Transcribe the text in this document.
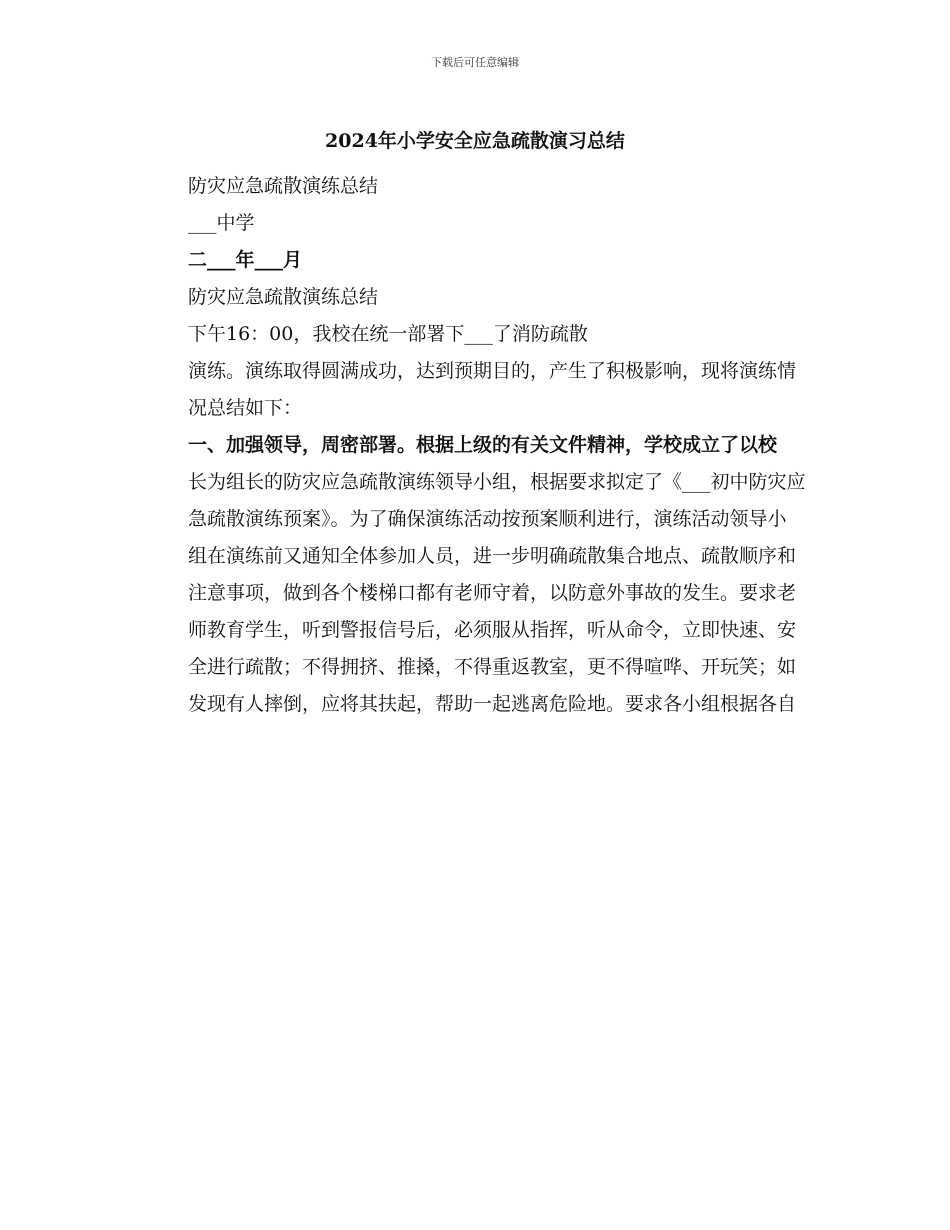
下载后可任意编辑
2024年小学安全应急疏散演习总结

防灾应急疏散演练总结

___中学

二___年___月

防灾应急疏散演练总结

下午16：00，我校在统一部署下___了消防疏散

演练。演练取得圆满成功，达到预期目的，产生了积极影响，现将演练情

况总结如下：

一、加强领导，周密部署。根据上级的有关文件精神，学校成立了以校

长为组长的防灾应急疏散演练领导小组，根据要求拟定了《___初中防灾应

急疏散演练预案》。为了确保演练活动按预案顺利进行，演练活动领导小

组在演练前又通知全体参加人员，进一步明确疏散集合地点、疏散顺序和

注意事项，做到各个楼梯口都有老师守着，以防意外事故的发生。要求老

师教育学生，听到警报信号后，必须服从指挥，听从命令，立即快速、安

全进行疏散；不得拥挤、推搡，不得重返教室，更不得喧哗、开玩笑；如

发现有人摔倒，应将其扶起，帮助一起逃离危险地。要求各小组根据各自
